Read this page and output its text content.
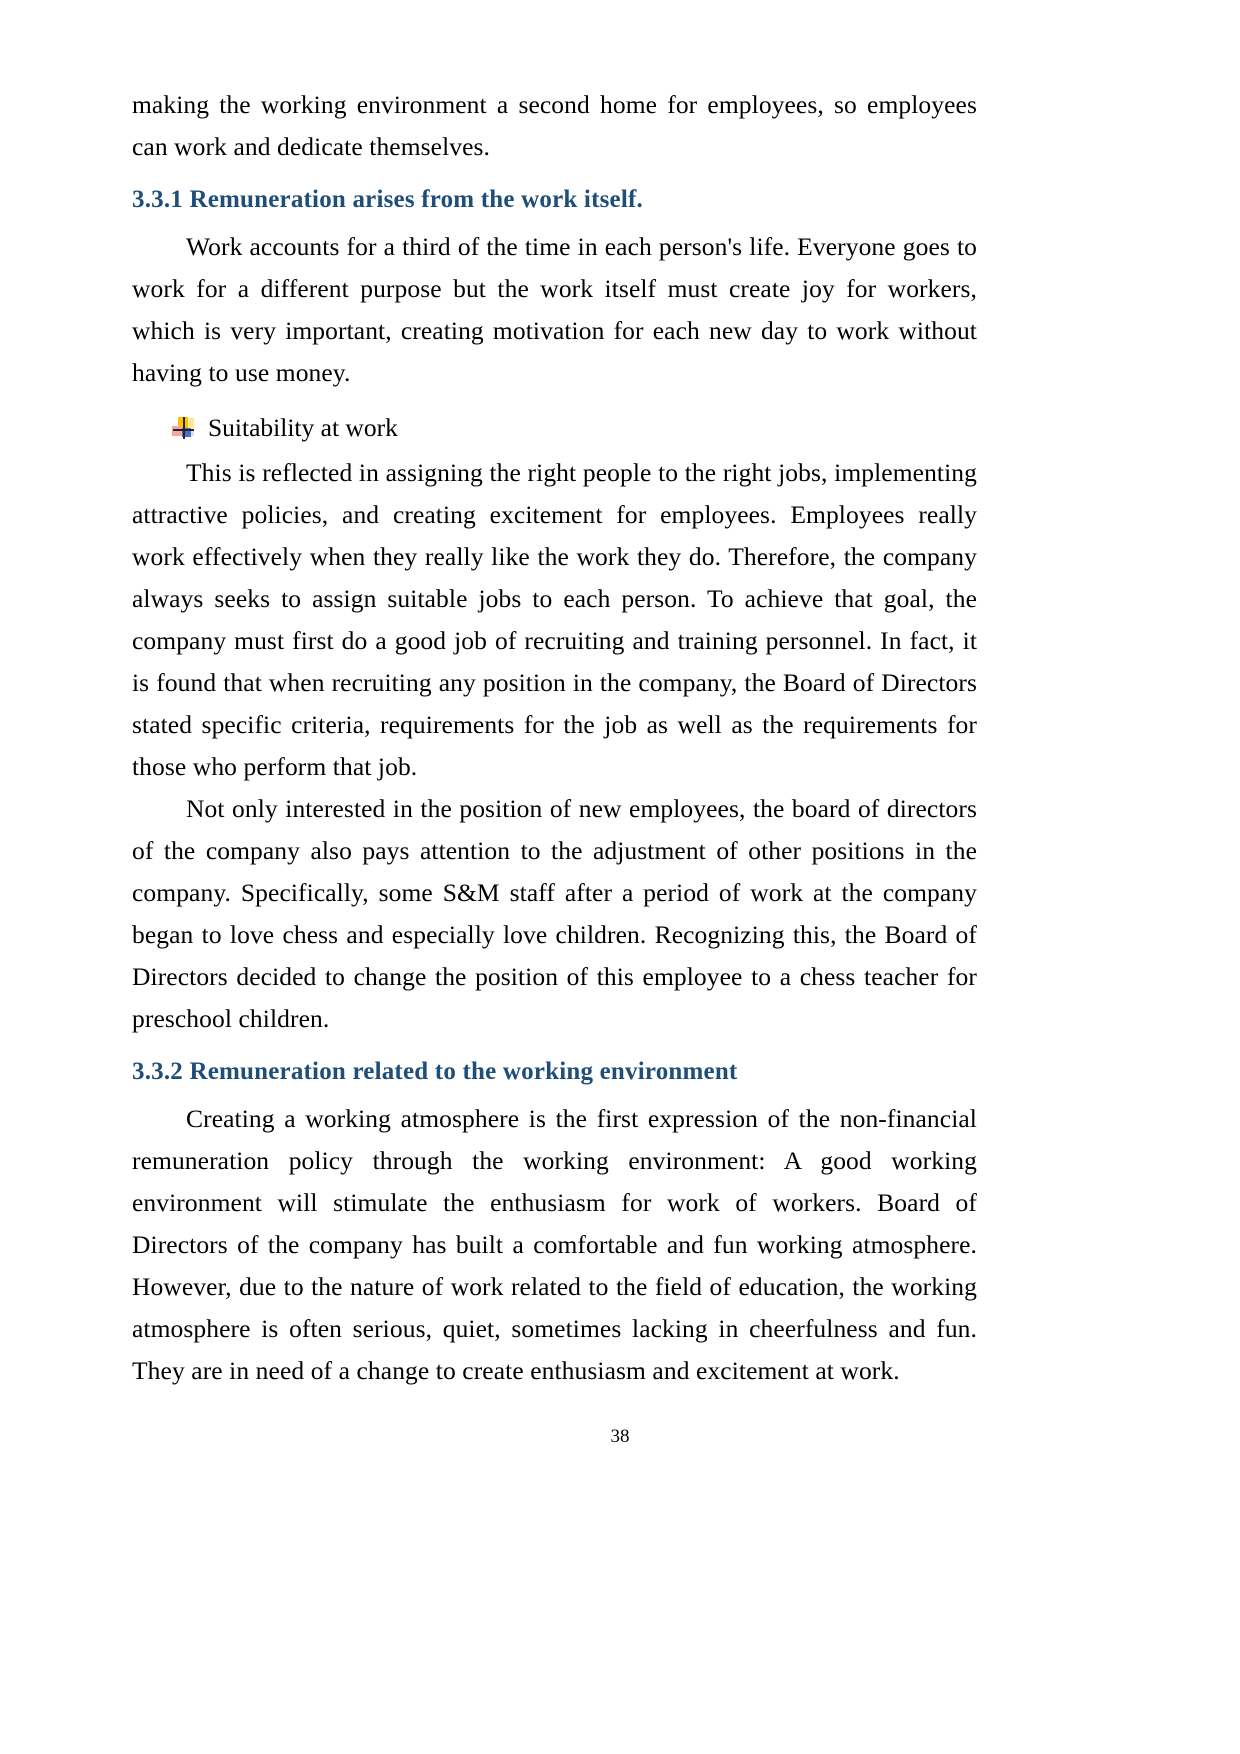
making the working environment a second home for employees, so employees can work and dedicate themselves.

3.3.1 Remuneration arises from the work itself.

Work accounts for a third of the time in each person's life. Everyone goes to work for a different purpose but the work itself must create joy for workers, which is very important, creating motivation for each new day to work without having to use money.

Suitability at work

This is reflected in assigning the right people to the right jobs, implementing attractive policies, and creating excitement for employees. Employees really work effectively when they really like the work they do. Therefore, the company always seeks to assign suitable jobs to each person. To achieve that goal, the company must first do a good job of recruiting and training personnel. In fact, it is found that when recruiting any position in the company, the Board of Directors stated specific criteria, requirements for the job as well as the requirements for those who perform that job.

Not only interested in the position of new employees, the board of directors of the company also pays attention to the adjustment of other positions in the company. Specifically, some S&M staff after a period of work at the company began to love chess and especially love children. Recognizing this, the Board of Directors decided to change the position of this employee to a chess teacher for preschool children.

3.3.2 Remuneration related to the working environment

Creating a working atmosphere is the first expression of the non-financial remuneration policy through the working environment: A good working environment will stimulate the enthusiasm for work of workers. Board of Directors of the company has built a comfortable and fun working atmosphere. However, due to the nature of work related to the field of education, the working atmosphere is often serious, quiet, sometimes lacking in cheerfulness and fun. They are in need of a change to create enthusiasm and excitement at work.

38
